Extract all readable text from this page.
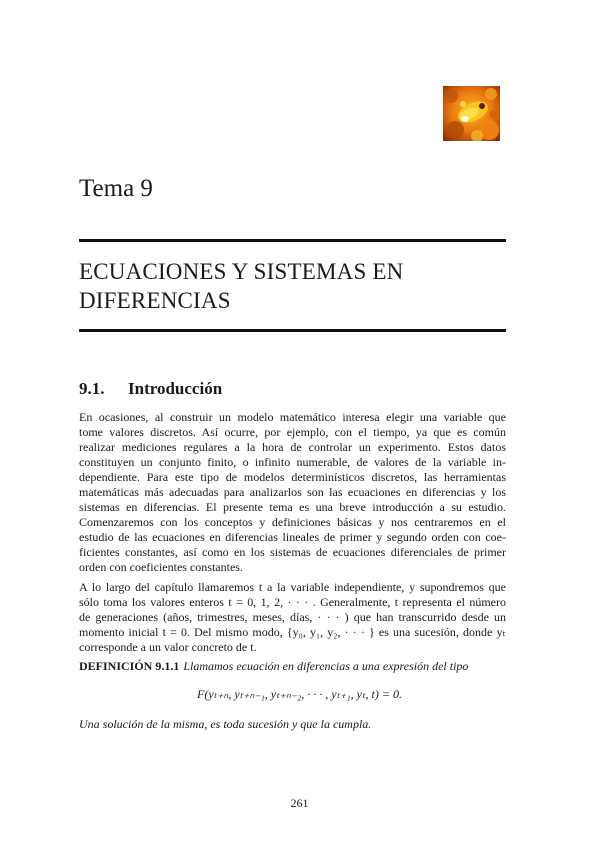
Tema 9
ECUACIONES Y SISTEMAS EN
DIFERENCIAS
9.1. Introducción
En ocasiones, al construir un modelo matemático interesa elegir una variable que
tome valores discretos. Así ocurre, por ejemplo, con el tiempo, ya que es común
realizar mediciones regulares a la hora de controlar un experimento. Estos datos
constituyen un conjunto finito, o infinito numerable, de valores de la variable in-
dependiente. Para este tipo de modelos determinísticos discretos, las herramientas
matemáticas más adecuadas para analizarlos son las ecuaciones en diferencias y los
sistemas en diferencias. El presente tema es una breve introducción a su estudio.
Comenzaremos con los conceptos y definiciones básicas y nos centraremos en el
estudio de las ecuaciones en diferencias lineales de primer y segundo orden con coe-
ficientes constantes, así como en los sistemas de ecuaciones diferenciales de primer
orden con coeficientes constantes.
A lo largo del capítulo llamaremos t a la variable independiente, y supondremos que
sólo toma los valores enteros t = 0, 1, 2, · · · . Generalmente, t representa el número
de generaciones (años, trimestres, meses, días, · · · ) que han transcurrido desde un
momento inicial t = 0. Del mismo modo, {y₀, y₁, y₂, · · · } es una sucesión, donde yₜ
corresponde a un valor concreto de t.
DEFINICIÓN 9.1.1 Llamamos ecuación en diferencias a una expresión del tipo
F(yₜ₊ₙ, yₜ₊ₙ₋₁, yₜ₊ₙ₋₂, · · · , yₜ₊₁, yₜ, t) = 0.
Una solución de la misma, es toda sucesión y que la cumpla.
261
